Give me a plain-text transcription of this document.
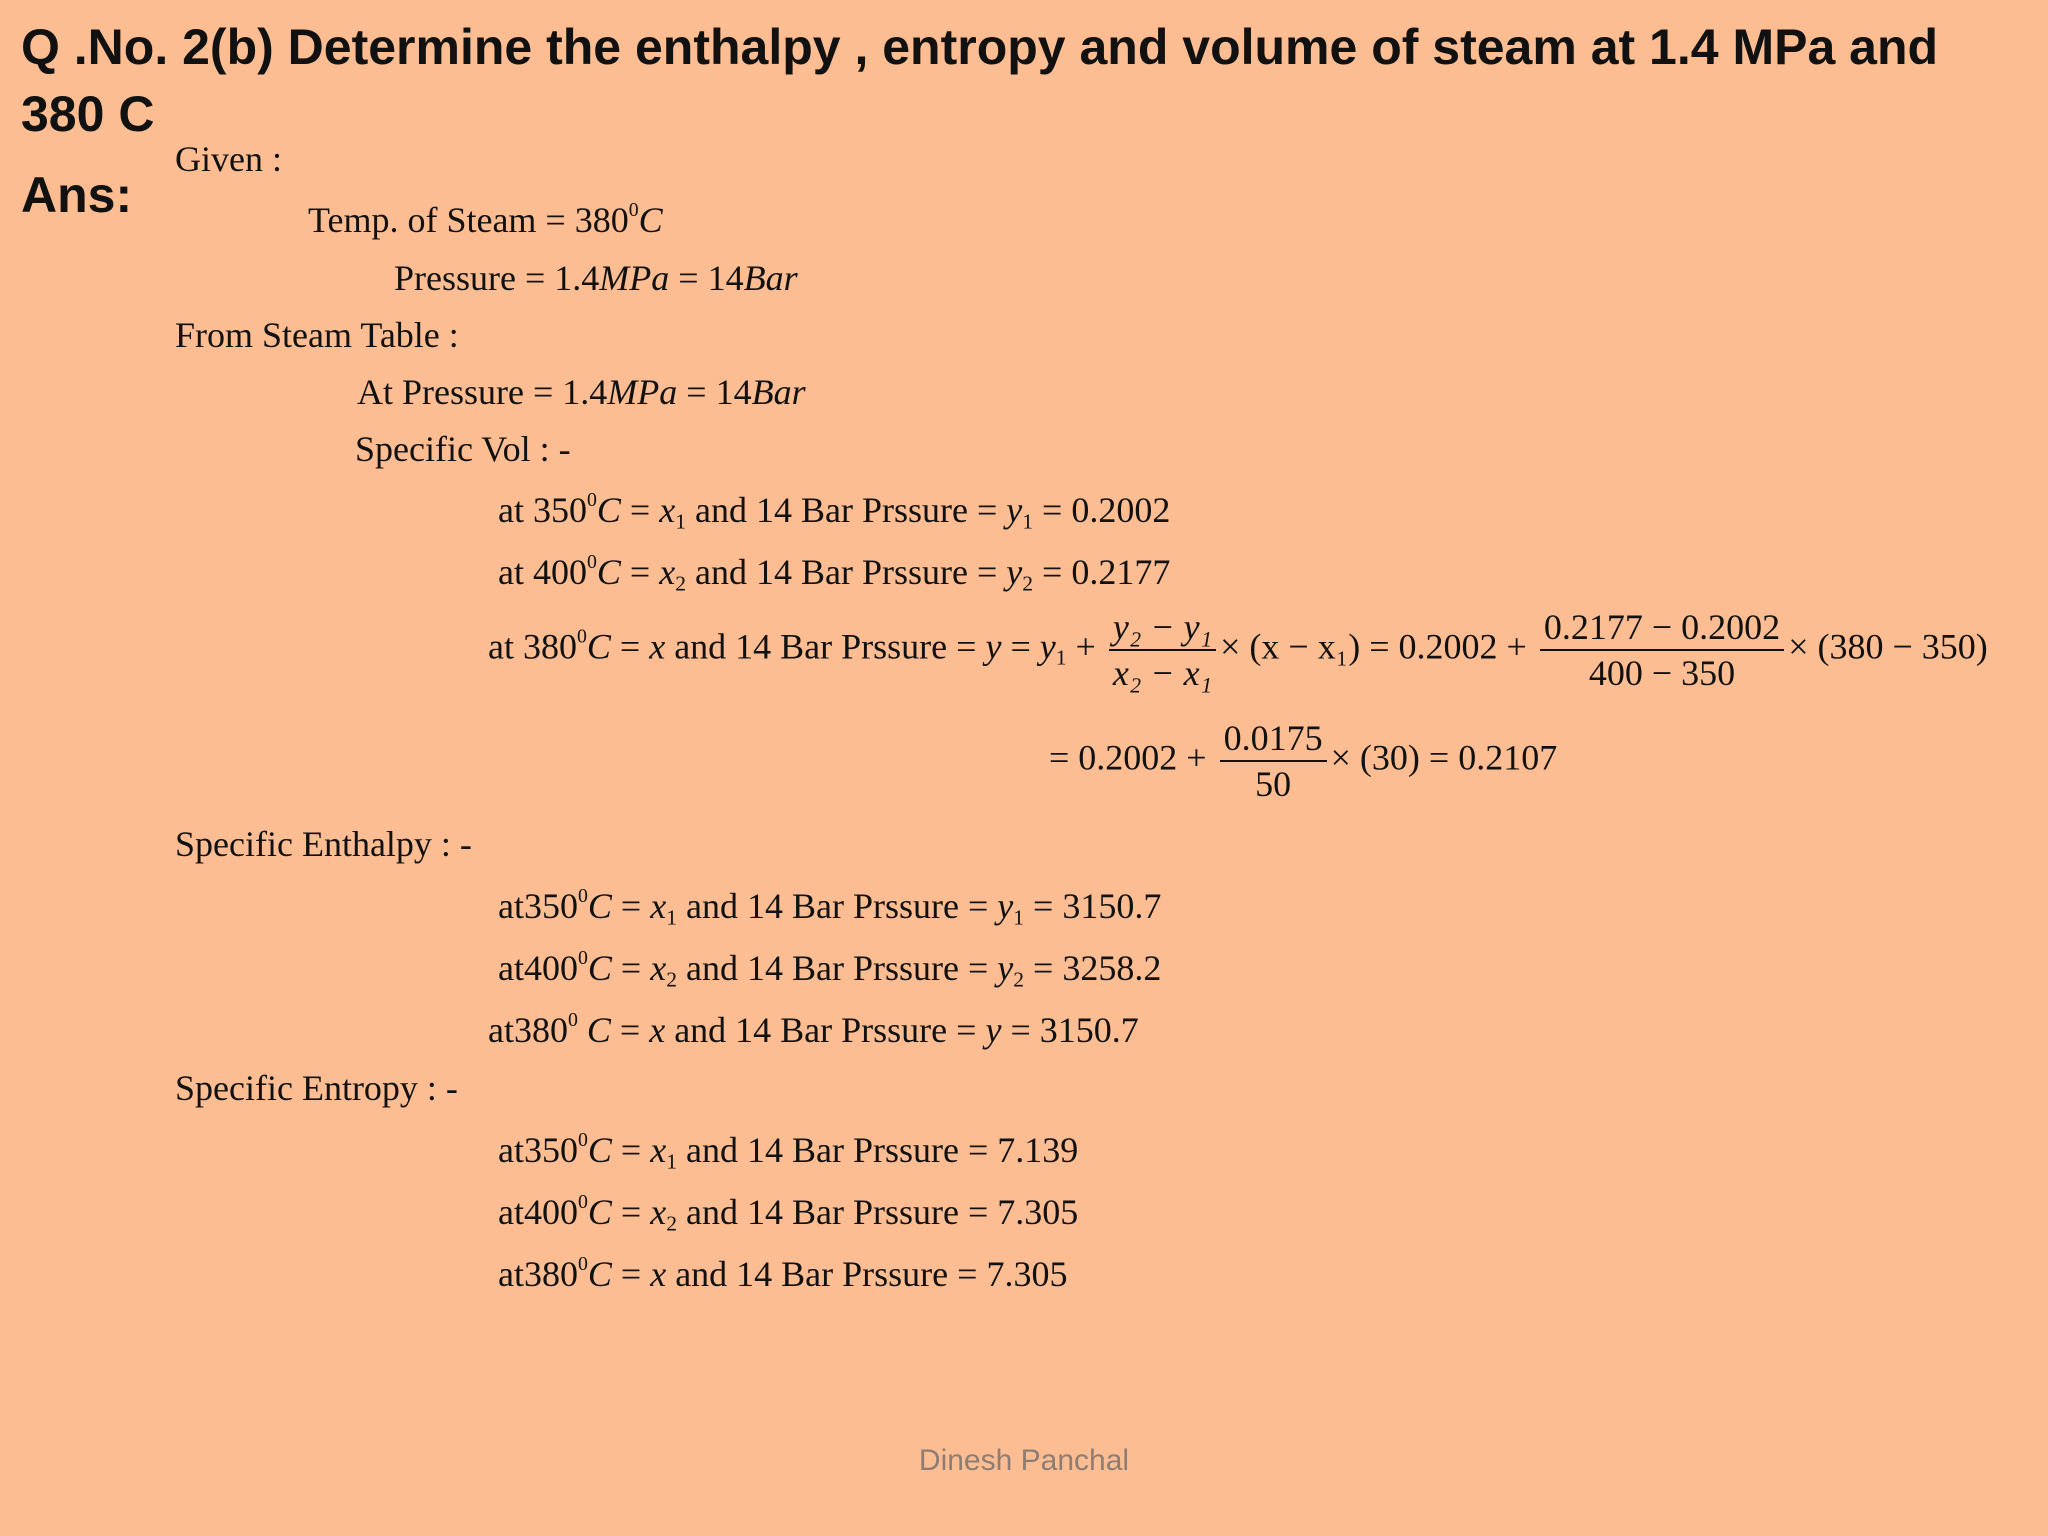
Q .No. 2(b) Determine the enthalpy , entropy and volume of steam at 1.4 MPa and 380 C
Ans:
Given :
Temp. of Steam = $380^0C$
Pressure = 1.4MPa = 14Bar
From Steam Table :
At Pressure = 1.4MPa = 14Bar
Specific Vol : -
at $350^0C = x_1$ and 14 Bar Prssure = $y_1 = 0.2002$
at $400^0C = x_2$ and 14 Bar Prssure = $y_2 = 0.2177$
at $380^0C = x$ and 14 Bar Prssure = $y = y_1 + \frac{\text{y₂ − y₁}}{\text{x₂ − x₁}} \times (x - x_1) = 0.2002 + \frac{0.2177 - 0.2002}{400 - 350} \times (380 - 350)$
= $0.2002 + \frac{0.0175}{50} \times (30) = 0.2107$
Specific Enthalpy : -
$at350^0C = x_1$ and 14 Bar Prssure = $y_1 = 3150.7$
$at400^0C = x_2$ and 14 Bar Prssure = $y_2 = 3258.2$
$at380^0$ C = x and 14 Bar Prssure = y = 3150.7
Specific Entropy : -
$at350^0C = x_1$ and 14 Bar Prssure = 7.139
$at400^0C = x_2$ and 14 Bar Prssure = 7.305
$at380^0C = x$ and 14 Bar Prssure = 7.305
Dinesh Panchal
